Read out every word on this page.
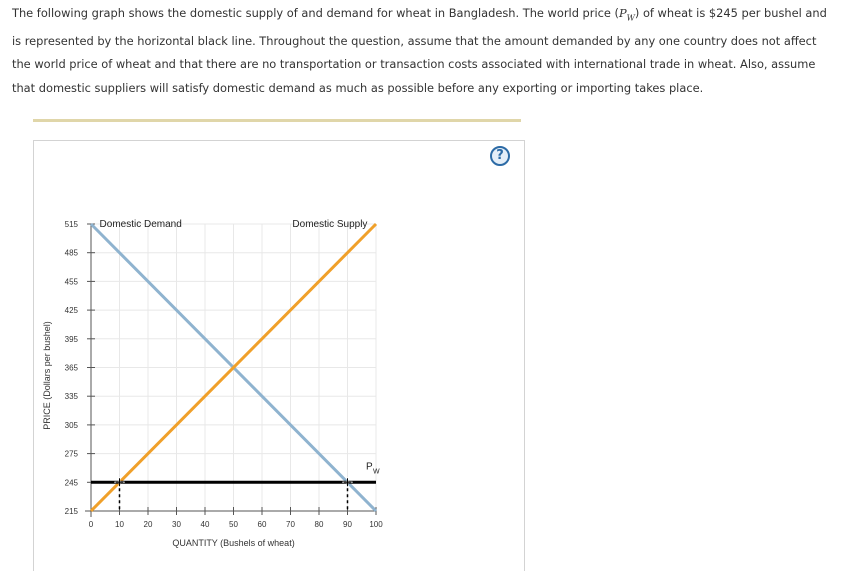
The following graph shows the domestic supply of and demand for wheat in Bangladesh. The world price $(P_W)$ of wheat is $245 per bushel and is represented by the horizontal black line. Throughout the question, assume that the amount demanded by any one country does not affect the world price of wheat and that there are no transportation or transaction costs associated with international trade in wheat. Also, assume that domestic suppliers will satisfy domestic demand as much as possible before any exporting or importing takes place.
?
215
245
275
305
335
365
395
425
455
485
515
0	10 20 30 40 50 60 70 80 90 100
QUANTITY (Bushels of wheat)
PRICE (Dollars per bushel)
Domestic Demand	Domestic Supply
P W
